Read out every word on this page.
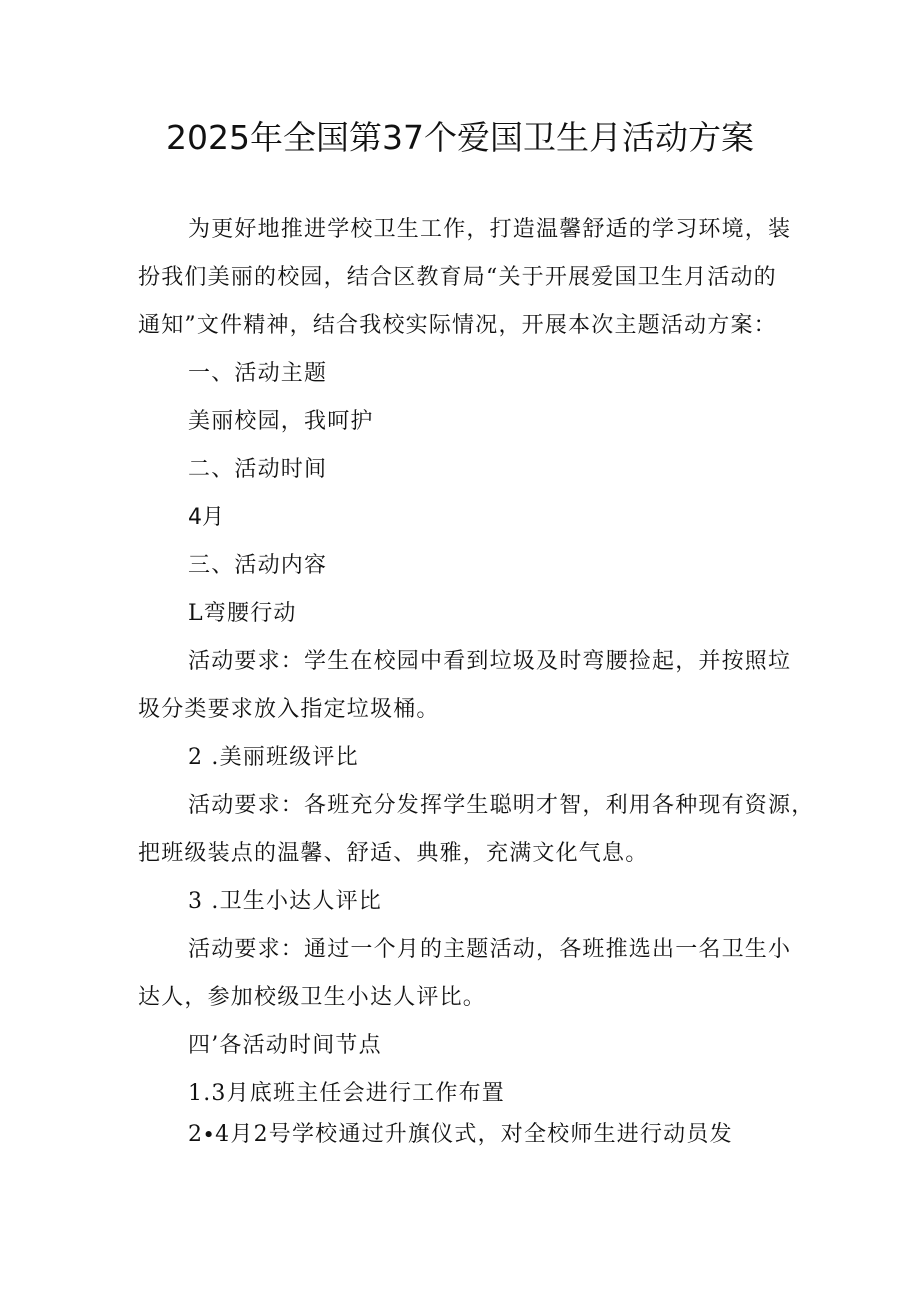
2025年全国第37个爱国卫生月活动方案
为更好地推进学校卫生工作，打造温馨舒适的学习环境，装
扮我们美丽的校园，结合区教育局“关于开展爱国卫生月活动的
通知”文件精神，结合我校实际情况，开展本次主题活动方案：
一、活动主题
美丽校园，我呵护
二、活动时间
4月
三、活动内容
L弯腰行动
活动要求：学生在校园中看到垃圾及时弯腰捡起，并按照垃
圾分类要求放入指定垃圾桶。
2 .美丽班级评比
活动要求：各班充分发挥学生聪明才智，利用各种现有资源，
把班级装点的温馨、舒适、典雅，充满文化气息。
3 .卫生小达人评比
活动要求：通过一个月的主题活动，各班推选出一名卫生小
达人，参加校级卫生小达人评比。
四’各活动时间节点
1.3月底班主任会进行工作布置
2∙4月2号学校通过升旗仪式，对全校师生进行动员发
